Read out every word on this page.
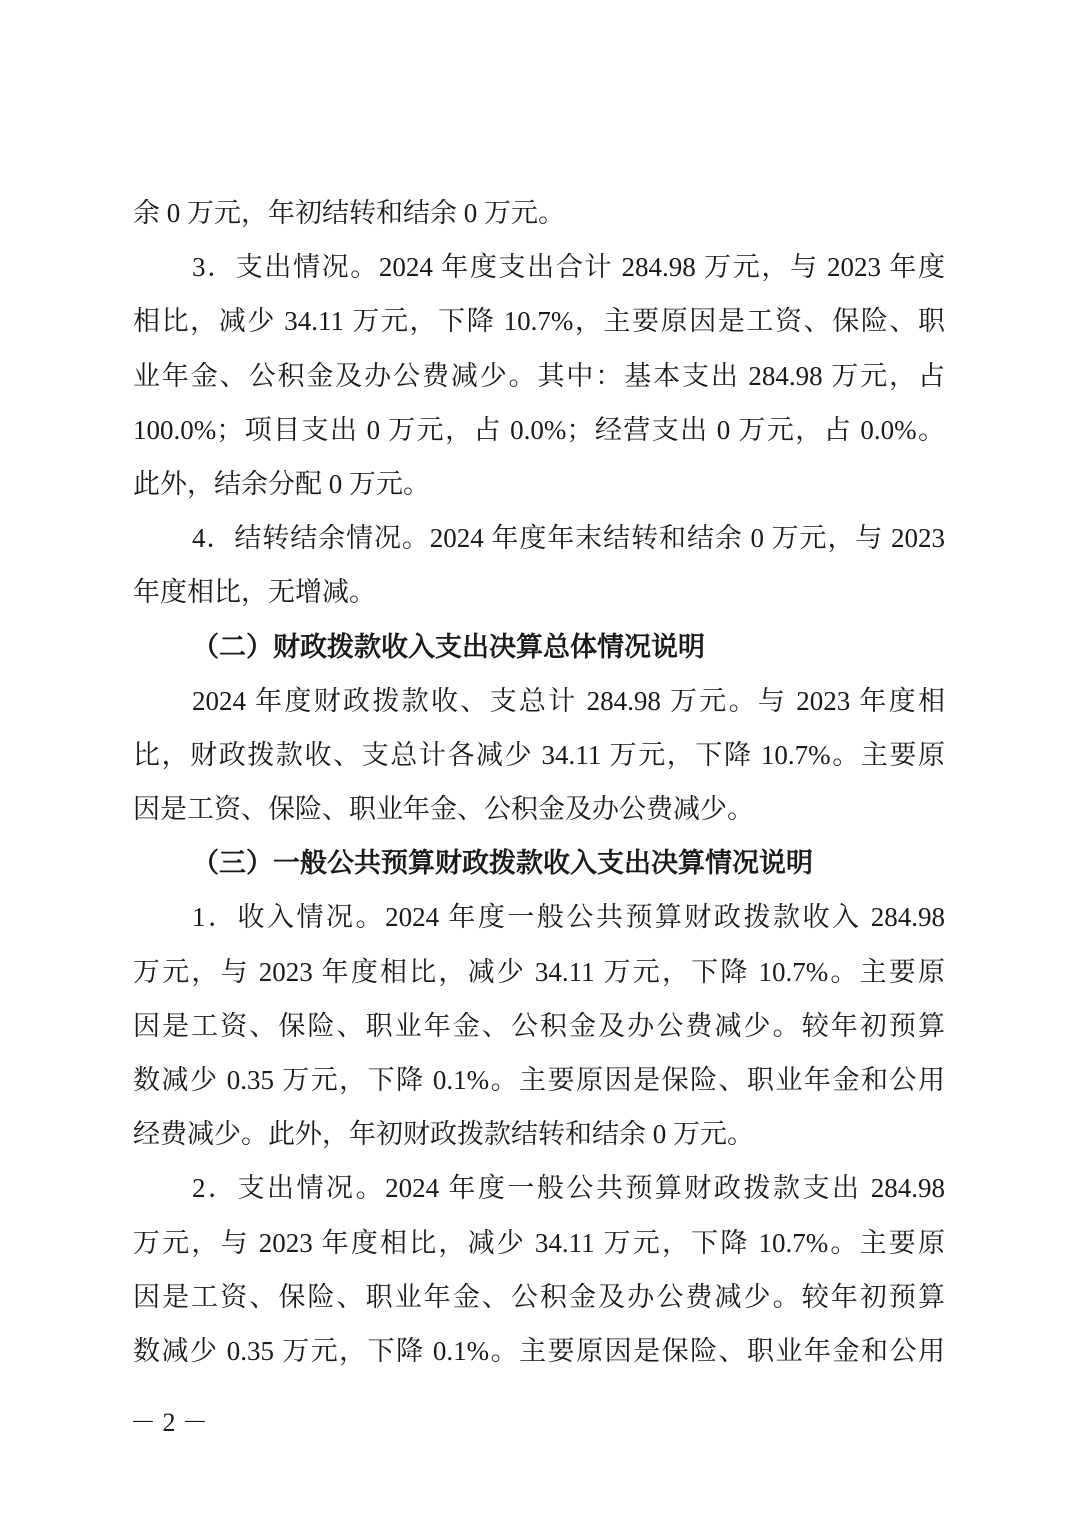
余 0 万元，年初结转和结余 0 万元。
3．支出情况。2024 年度支出合计 284.98 万元，与 2023 年度
相比，减少 34.11 万元，下降 10.7%，主要原因是工资、保险、职
业年金、公积金及办公费减少。其中：基本支出 284.98 万元，占
100.0%；项目支出 0 万元，占 0.0%；经营支出 0 万元，占 0.0%。
此外，结余分配 0 万元。
4．结转结余情况。2024 年度年末结转和结余 0 万元，与 2023
年度相比，无增减。
（二）财政拨款收入支出决算总体情况说明
2024 年度财政拨款收、支总计 284.98 万元。与 2023 年度相
比，财政拨款收、支总计各减少 34.11 万元，下降 10.7%。主要原
因是工资、保险、职业年金、公积金及办公费减少。
（三）一般公共预算财政拨款收入支出决算情况说明
1．收入情况。2024 年度一般公共预算财政拨款收入 284.98
万元，与 2023 年度相比，减少 34.11 万元，下降 10.7%。主要原
因是工资、保险、职业年金、公积金及办公费减少。较年初预算
数减少 0.35 万元，下降 0.1%。主要原因是保险、职业年金和公用
经费减少。此外，年初财政拨款结转和结余 0 万元。
2．支出情况。2024 年度一般公共预算财政拨款支出 284.98
万元，与 2023 年度相比，减少 34.11 万元，下降 10.7%。主要原
因是工资、保险、职业年金、公积金及办公费减少。较年初预算
数减少 0.35 万元，下降 0.1%。主要原因是保险、职业年金和公用
－ 2 －
